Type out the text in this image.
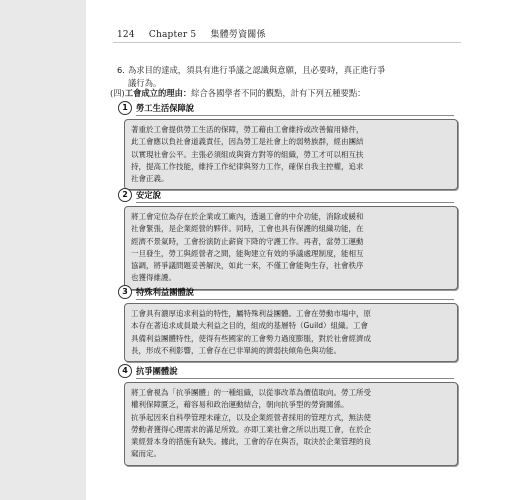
124 Chapter 5 集體勞資關係
6. 為求目的達成，須具有進行爭議之認識與意願，且必要時，真正進行爭
議行為。
(四)工會成立的理由：綜合各國學者不同的觀點，計有下列五種要點：
1 勞工生活保障說
著重於工會提供勞工生活的保障，勞工藉由工會維持或改善僱用條件，
此工會應以負社會道義責任，因為勞工是社會上的弱勢族群，經由團結
以實現社會公平。主張必須組成與資方對等的組織，勞工才可以相互扶
持，提高工作技能，維持工作紀律與努力工作，確保自我主控權，追求
社會正義。
2 安定說
將工會定位為存在於企業或工廠內，透過工會的中介功能，消除或緩和
社會緊張，是企業經營的夥伴。同時，工會也具有保護的組織功能，在
經濟不景氣時，工會扮演防止薪資下降的守護工作。再者，當勞工運動
一旦發生，勞工與經營者之間，能夠建立有效的爭議處理制度，能相互
協調，將爭議問題妥善解決，如此一來，不僅工會能夠生存，社會秩序
也獲得維護。
3 特殊利益團體說
工會具有濃厚追求利益的特性，屬特殊利益團體。工會在勞動市場中，原
本存在著追求成員最大利益之目的，組成的基層特（Guild）組織。工會
具備利益團體特性，使得有些國家的工會勢力過度膨脹，對於社會經濟成
長，形成不利影響，工會存在已非單純的濟弱扶傾角色與功能。
4 抗爭團體說
將工會視為「抗爭團體」的一種組織，以從事改革為價值取向。勞工所受
權利保障匱乏，藉容易和政治運動結合，朝向抗爭型的勞資關係。
抗爭起因來自科學管理未確立，以及企業經營者採用的管理方式，無法使
勞動者獲得心理需求的滿足所致。亦即工業社會之所以出現工會，在於企
業經營本身的措施有缺失。據此，工會的存在與否，取決於企業管理的良
窳而定。
